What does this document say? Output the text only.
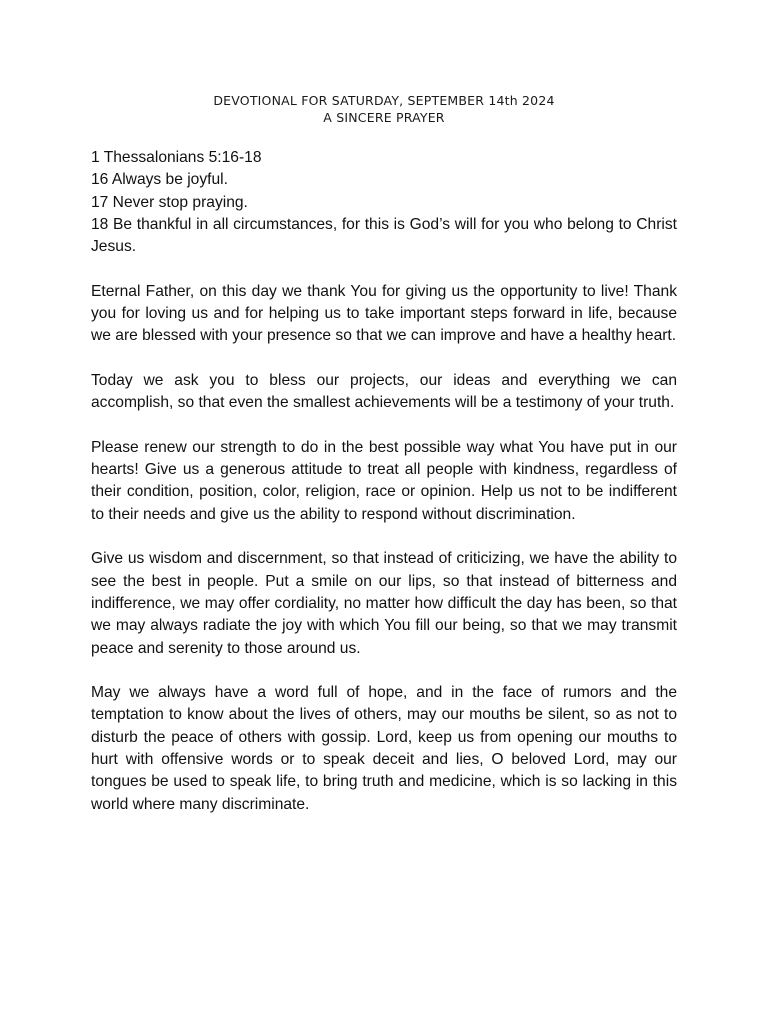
DEVOTIONAL FOR SATURDAY, SEPTEMBER 14th 2024
A SINCERE PRAYER
1 Thessalonians 5:16-18
16 Always be joyful.
17 Never stop praying.
18 Be thankful in all circumstances, for this is God’s will for you who belong to Christ Jesus.
Eternal Father, on this day we thank You for giving us the opportunity to live! Thank you for loving us and for helping us to take important steps forward in life, because we are blessed with your presence so that we can improve and have a healthy heart.
Today we ask you to bless our projects, our ideas and everything we can accomplish, so that even the smallest achievements will be a testimony of your truth.
Please renew our strength to do in the best possible way what You have put in our hearts! Give us a generous attitude to treat all people with kindness, regardless of their condition, position, color, religion, race or opinion. Help us not to be indifferent to their needs and give us the ability to respond without discrimination.
Give us wisdom and discernment, so that instead of criticizing, we have the ability to see the best in people. Put a smile on our lips, so that instead of bitterness and indifference, we may offer cordiality, no matter how difficult the day has been, so that we may always radiate the joy with which You fill our being, so that we may transmit peace and serenity to those around us.
May we always have a word full of hope, and in the face of rumors and the temptation to know about the lives of others, may our mouths be silent, so as not to disturb the peace of others with gossip. Lord, keep us from opening our mouths to hurt with offensive words or to speak deceit and lies, O beloved Lord, may our tongues be used to speak life, to bring truth and medicine, which is so lacking in this world where many discriminate.
